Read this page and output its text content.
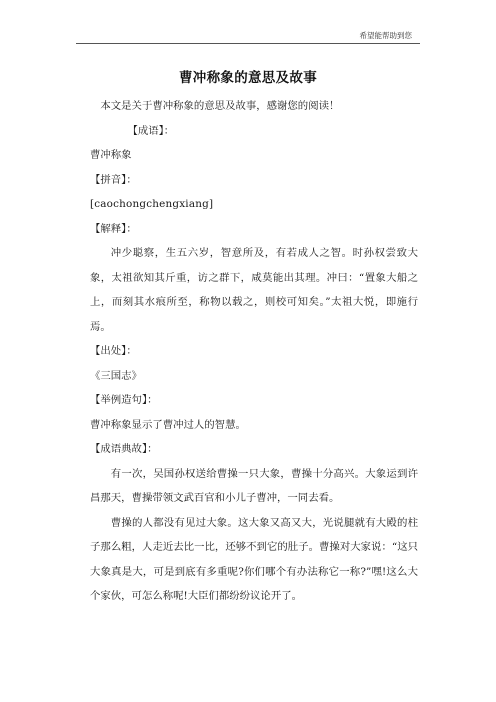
希望能帮助到您
曹冲称象的意思及故事

本文是关于曹冲称象的意思及故事，感谢您的阅读！

【成语】：

曹冲称象

【拼音】：

[caochongchengxiang]

【解释】：

冲少聪察，生五六岁，智意所及，有若成人之智。时孙权尝致大象，太祖欲知其斤重，访之群下，咸莫能出其理。冲曰：“置象大船之上，而刻其水痕所至，称物以载之，则校可知矣。”太祖大悦，即施行焉。

【出处】：

《三国志》

【举例造句】：

曹冲称象显示了曹冲过人的智慧。

【成语典故】：

有一次，吴国孙权送给曹操一只大象，曹操十分高兴。大象运到许昌那天，曹操带领文武百官和小儿子曹冲，一同去看。

曹操的人都没有见过大象。这大象又高又大，光说腿就有大殿的柱子那么粗，人走近去比一比，还够不到它的肚子。曹操对大家说：“这只大象真是大，可是到底有多重呢?你们哪个有办法称它一称?”嘿!这么大个家伙，可怎么称呢!大臣们都纷纷议论开了。
